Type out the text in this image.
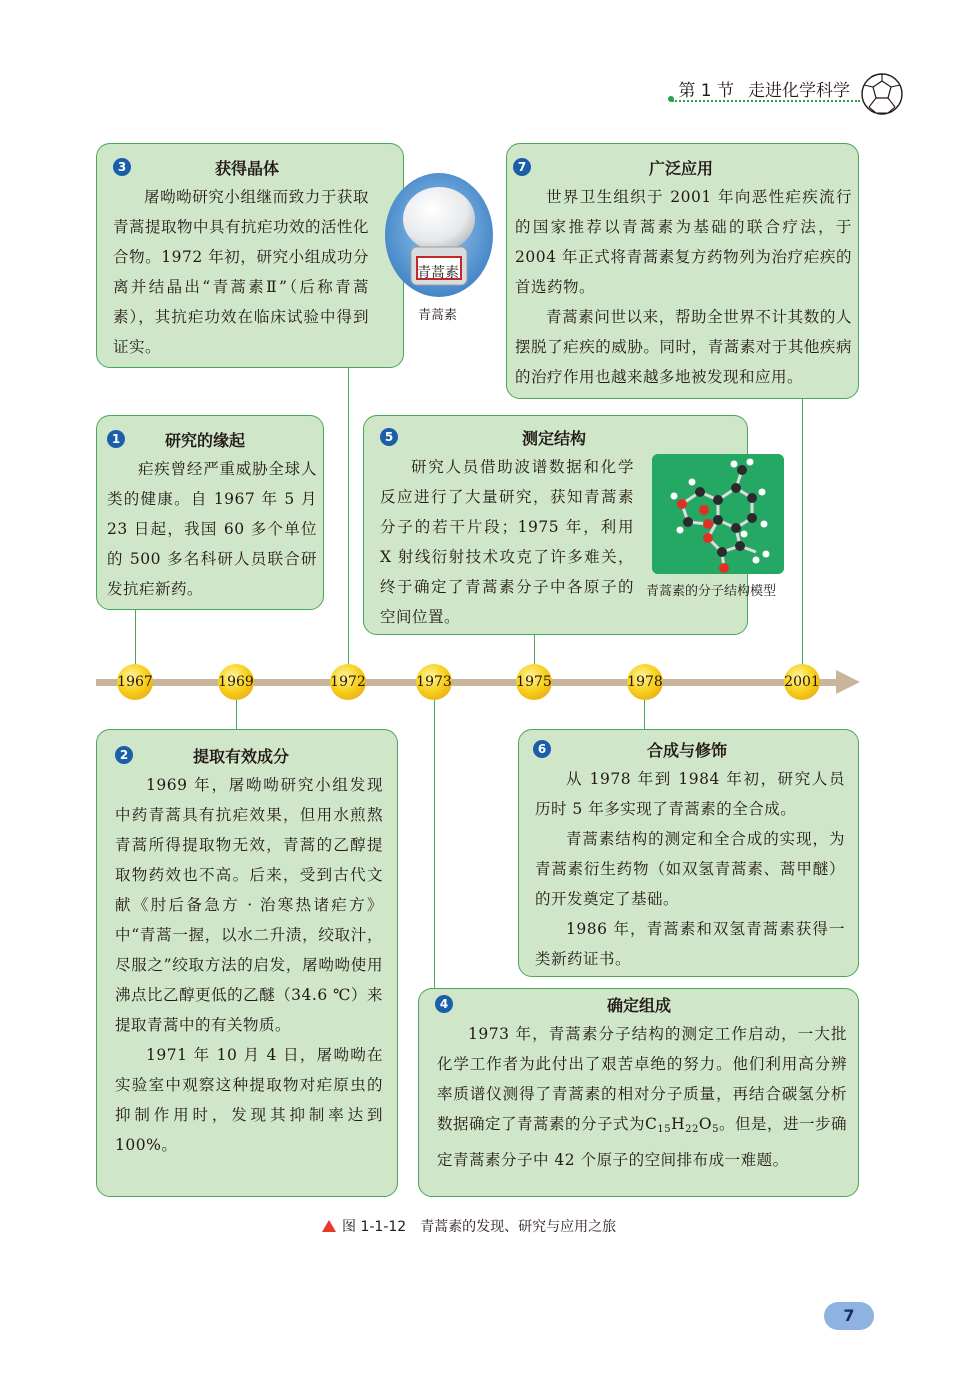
第 1 节 走进化学科学
3	获得晶体

屠呦呦研究小组继而致力于获取青蒿提取物中具有抗疟功效的活性化合物。1972 年初，研究小组成功分离并结晶出“青蒿素Ⅱ”（后称青蒿素），其抗疟功效在临床试验中得到证实。

青蒿素
青蒿素
7	广泛应用

世界卫生组织于 2001 年向恶性疟疾流行的国家推荐以青蒿素为基础的联合疗法，于 2004 年正式将青蒿素复方药物列为治疗疟疾的首选药物。

青蒿素问世以来，帮助全世界不计其数的人摆脱了疟疾的威胁。同时，青蒿素对于其他疾病的治疗作用也越来越多地被发现和应用。

1	研究的缘起

疟疾曾经严重威胁全球人类的健康。自 1967 年 5 月 23 日起，我国 60 多个单位的 500 多名科研人员联合研发抗疟新药。

5	测定结构

研究人员借助波谱数据和化学反应进行了大量研究，获知青蒿素分子的若干片段；1975 年，利用 X 射线衍射技术攻克了许多难关，终于确定了青蒿素分子中各原子的空间位置。

青蒿素的分子结构模型
1967	1969	1972	1973	1975	1978	2001
2	提取有效成分

1969 年，屠呦呦研究小组发现中药青蒿具有抗疟效果，但用水煎熬青蒿所得提取物无效，青蒿的乙醇提取物药效也不高。后来，受到古代文献《肘后备急方 · 治寒热诸疟方》中“青蒿一握，以水二升渍，绞取汁，尽服之”绞取方法的启发，屠呦呦使用沸点比乙醇更低的乙醚（34.6 ℃）来提取青蒿中的有关物质。

1971 年 10 月 4 日，屠呦呦在实验室中观察这种提取物对疟原虫的抑制作用时，发现其抑制率达到 100%。

6	合成与修饰

从 1978 年到 1984 年初，研究人员历时 5 年多实现了青蒿素的全合成。

青蒿素结构的测定和全合成的实现，为青蒿素衍生药物（如双氢青蒿素、蒿甲醚）的开发奠定了基础。

1986 年，青蒿素和双氢青蒿素获得一类新药证书。

4	确定组成

1973 年，青蒿素分子结构的测定工作启动，一大批化学工作者为此付出了艰苦卓绝的努力。他们利用高分辨率质谱仪测得了青蒿素的相对分子质量，再结合碳氢分析数据确定了青蒿素的分子式为$C_{15}H_{22}O_5$。但是，进一步确定青蒿素分子中 42 个原子的空间排布成一难题。

图 1-1-12 青蒿素的发现、研究与应用之旅
7
